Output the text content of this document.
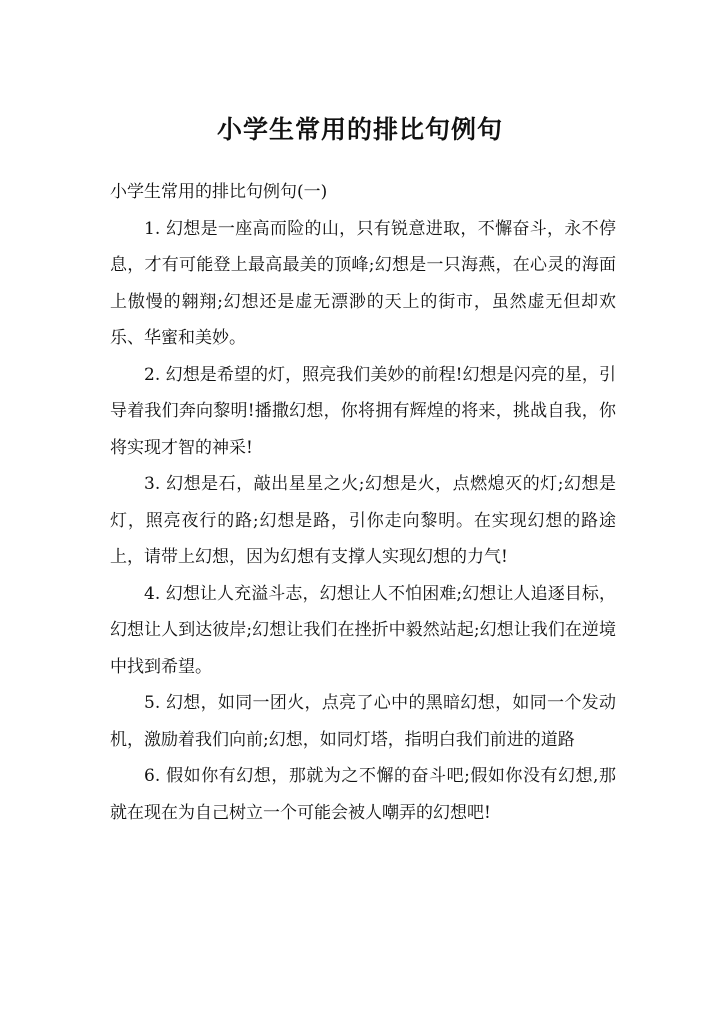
小学生常用的排比句例句

小学生常用的排比句例句(一)

1. 幻想是一座高而险的山，只有锐意进取，不懈奋斗，永不停息，才有可能登上最高最美的顶峰;幻想是一只海燕，在心灵的海面上傲慢的翱翔;幻想还是虚无漂渺的天上的街市，虽然虚无但却欢乐、华蜜和美妙。

2. 幻想是希望的灯，照亮我们美妙的前程!幻想是闪亮的星，引导着我们奔向黎明!播撒幻想，你将拥有辉煌的将来，挑战自我，你将实现才智的神采!

3. 幻想是石，敲出星星之火;幻想是火，点燃熄灭的灯;幻想是灯，照亮夜行的路;幻想是路，引你走向黎明。在实现幻想的路途上，请带上幻想，因为幻想有支撑人实现幻想的力气!

4. 幻想让人充溢斗志，幻想让人不怕困难;幻想让人追逐目标，幻想让人到达彼岸;幻想让我们在挫折中毅然站起;幻想让我们在逆境中找到希望。

5. 幻想，如同一团火，点亮了心中的黑暗幻想，如同一个发动机，激励着我们向前;幻想，如同灯塔，指明白我们前进的道路

6. 假如你有幻想，那就为之不懈的奋斗吧;假如你没有幻想,那就在现在为自己树立一个可能会被人嘲弄的幻想吧!
